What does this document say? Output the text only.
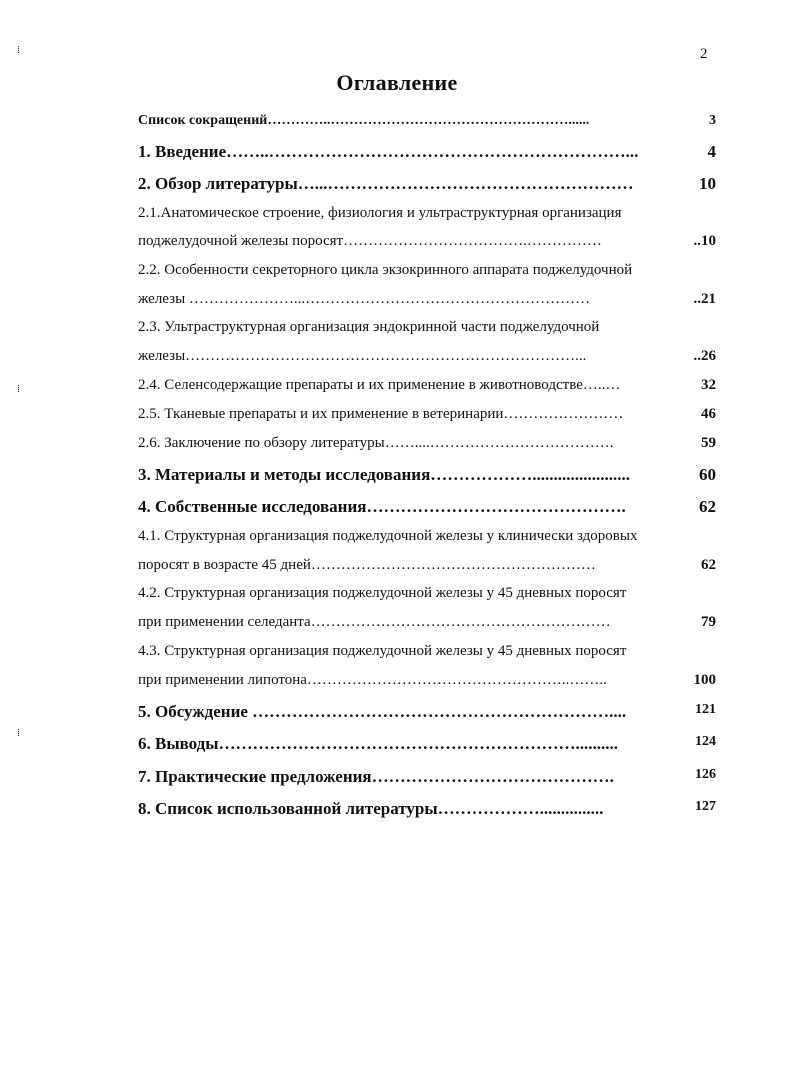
2
⁞
⁞
⁞
Оглавление
Список сокращений…………..……………………………………………......	3
1. Введение……..………………………………………………………...	4
2. Обзор литературы…...………………………………………………	10
2.1.Анатомическое строение, физиология и ультраструктурная организация
поджелудочной железы поросят……………………………….……………	..10
2.2. Особенности секреторного цикла экзокринного аппарата поджелудочной
железы …………………...…………………………………………………	..21
2.3. Ультраструктурная организация эндокринной части поджелудочной
железы……………………………………………………………………...	..26
2.4. Селенсодержащие препараты и их применение в животноводстве…..…	32
2.5. Тканевые препараты и их применение в ветеринарии……………………	46
2.6. Заключение по обзору литературы……....……………………………….	59
3. Материалы и методы исследования……………….......................	60
4. Собственные исследования……………………………………….	62
4.1. Структурная организация поджелудочной железы у клинически здоровых
поросят в возрасте 45 дней…………………………………………………	62
4.2. Структурная организация поджелудочной железы у 45 дневных поросят
при применении селеданта……………………………………………………	79
4.3. Структурная организация поджелудочной железы у 45 дневных поросят
при применении липотона……………………………………………..……..	100
5. Обсуждение ………………………………………………………....	121
6. Выводы………………………………………………………..........	124
7. Практические предложения…………………………………….	126
8. Список использованной литературы………………...............	127
